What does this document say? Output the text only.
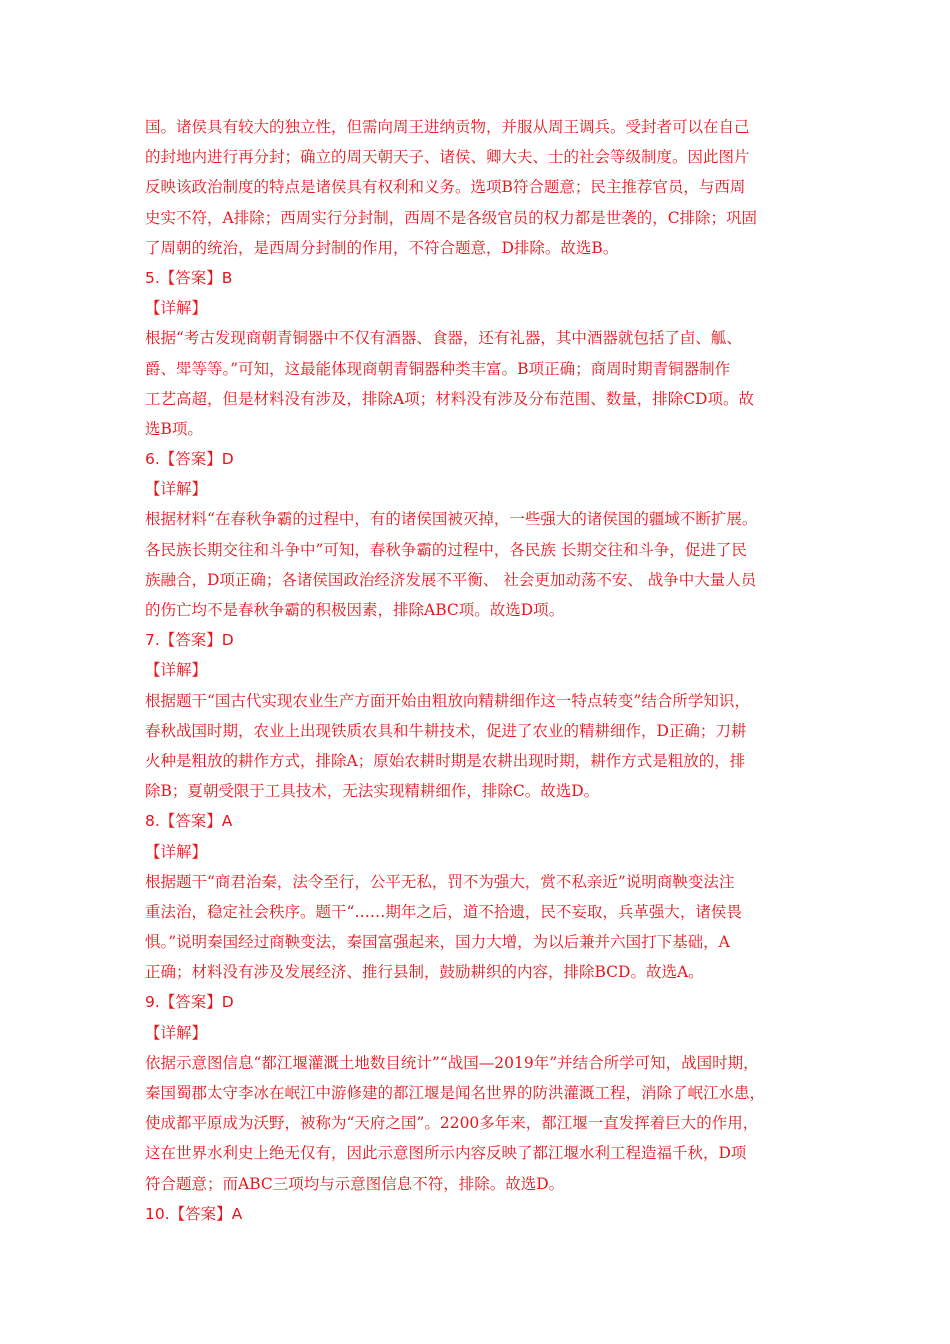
国。诸侯具有较大的独立性，但需向周王进纳贡物，并服从周王调兵。受封者可以在自己
的封地内进行再分封；确立的周天朝天子、诸侯、卿大夫、士的社会等级制度。因此图片
反映该政治制度的特点是诸侯具有权利和义务。选项B符合题意；民主推荐官员，与西周
史实不符，A排除；西周实行分封制，西周不是各级官员的权力都是世袭的，C排除；巩固
了周朝的统治，是西周分封制的作用，不符合题意，D排除。故选B。
5.【答案】B
【详解】
根据“考古发现商朝青铜器中不仅有酒器、食器，还有礼器，其中酒器就包括了卣、觚、
爵、斝等等。”可知，这最能体现商朝青铜器种类丰富。B项正确；商周时期青铜器制作
工艺高超，但是材料没有涉及，排除A项；材料没有涉及分布范围、数量，排除CD项。故
选B项。
6.【答案】D
【详解】
根据材料“在春秋争霸的过程中，有的诸侯国被灭掉，一些强大的诸侯国的疆域不断扩展。
各民族长期交往和斗争中”可知，春秋争霸的过程中，各民族 长期交往和斗争，促进了民
族融合，D项正确；各诸侯国政治经济发展不平衡、 社会更加动荡不安、 战争中大量人员
的伤亡均不是春秋争霸的积极因素，排除ABC项。故选D项。
7.【答案】D
【详解】
根据题干“国古代实现农业生产方面开始由粗放向精耕细作这一特点转变”结合所学知识，
春秋战国时期，农业上出现铁质农具和牛耕技术，促进了农业的精耕细作，D正确；刀耕
火种是粗放的耕作方式，排除A；原始农耕时期是农耕出现时期，耕作方式是粗放的，排
除B；夏朝受限于工具技术，无法实现精耕细作，排除C。故选D。
8.【答案】A
【详解】
根据题干“商君治秦，法令至行，公平无私，罚不为强大，赏不私亲近”说明商鞅变法注
重法治，稳定社会秩序。题干“……期年之后，道不拾遗，民不妄取，兵革强大，诸侯畏
惧。”说明秦国经过商鞅变法，秦国富强起来，国力大增，为以后兼并六国打下基础，A
正确；材料没有涉及发展经济、推行县制，鼓励耕织的内容，排除BCD。故选A。
9.【答案】D
【详解】
依据示意图信息“都江堰灌溉土地数目统计”“战国—2019年”并结合所学可知，战国时期，
秦国蜀郡太守李冰在岷江中游修建的都江堰是闻名世界的防洪灌溉工程，消除了岷江水患，
使成都平原成为沃野，被称为“天府之国”。2200多年来，都江堰一直发挥着巨大的作用，
这在世界水利史上绝无仅有，因此示意图所示内容反映了都江堰水利工程造福千秋，D项
符合题意；而ABC三项均与示意图信息不符，排除。故选D。
10.【答案】A
